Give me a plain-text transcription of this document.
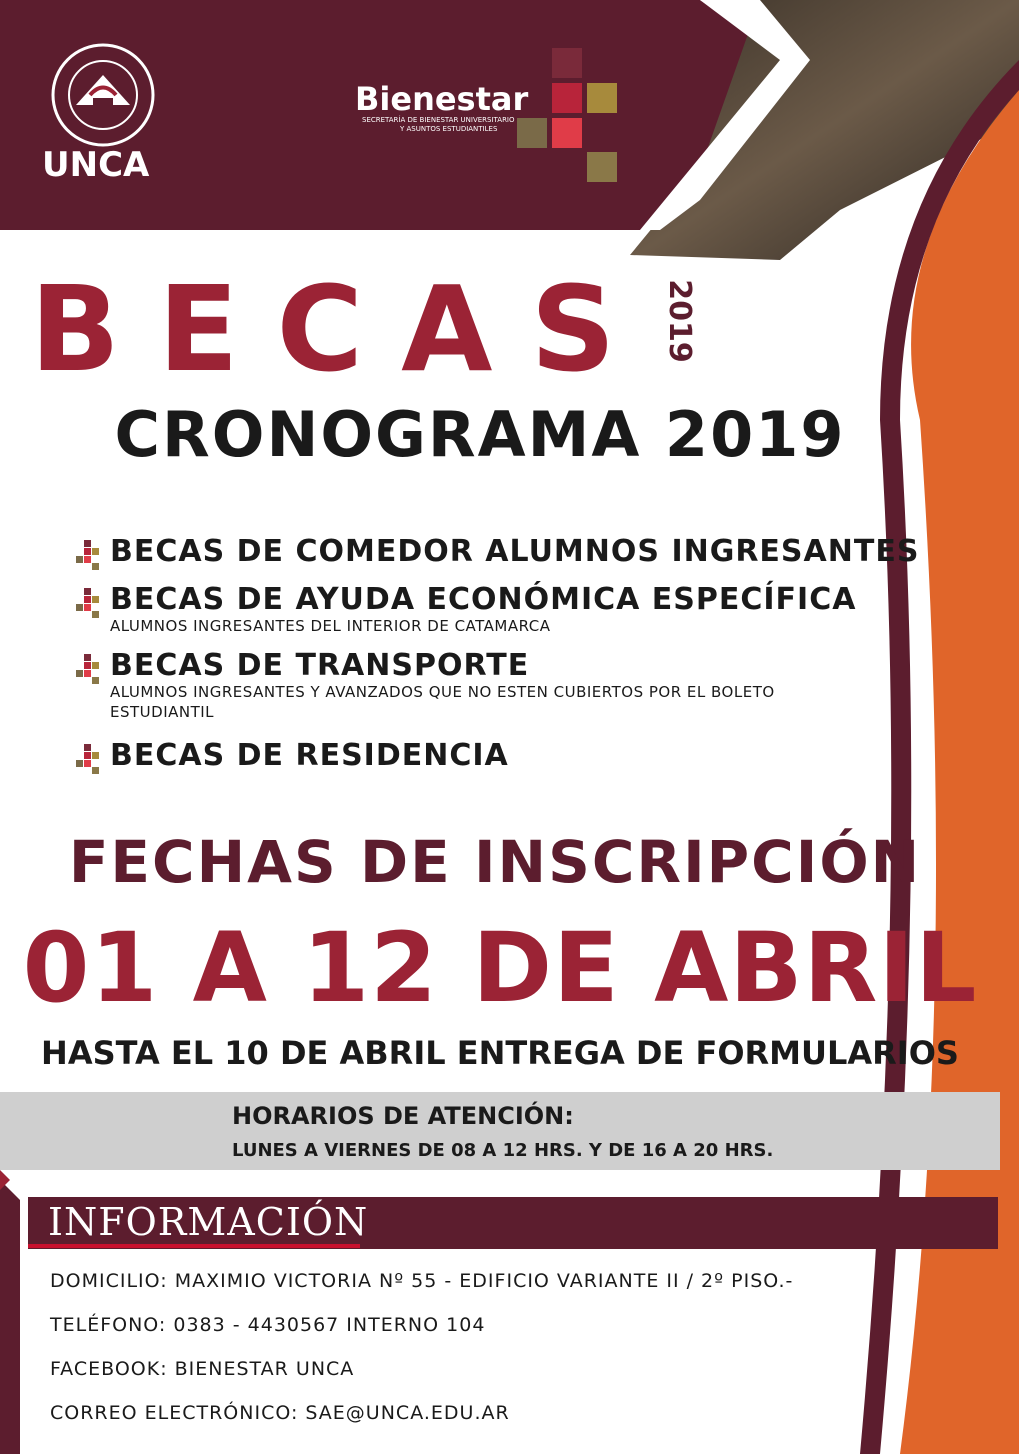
UNCA
Bienestar
SECRETARÍA DE BIENESTAR UNIVERSITARIO
Y ASUNTOS ESTUDIANTILES
BECAS 2019
CRONOGRAMA 2019
BECAS DE COMEDOR ALUMNOS INGRESANTES
BECAS DE AYUDA ECONÓMICA ESPECÍFICA
ALUMNOS INGRESANTES DEL INTERIOR DE CATAMARCA
BECAS DE TRANSPORTE
ALUMNOS INGRESANTES Y AVANZADOS QUE NO ESTEN CUBIERTOS POR EL BOLETO ESTUDIANTIL
BECAS DE RESIDENCIA
FECHAS DE INSCRIPCIÓN
01 A 12 DE ABRIL
HASTA EL 10 DE ABRIL ENTREGA DE FORMULARIOS
HORARIOS DE ATENCIÓN:
LUNES A VIERNES DE 08 A 12 HRS. Y DE 16 A 20 HRS.
INFORMACIÓN
DOMICILIO: MAXIMIO VICTORIA Nº 55 - EDIFICIO VARIANTE II / 2º PISO.-
TELÉFONO: 0383 - 4430567 INTERNO 104
FACEBOOK: BIENESTAR UNCA
CORREO ELECTRÓNICO: SAE@UNCA.EDU.AR
